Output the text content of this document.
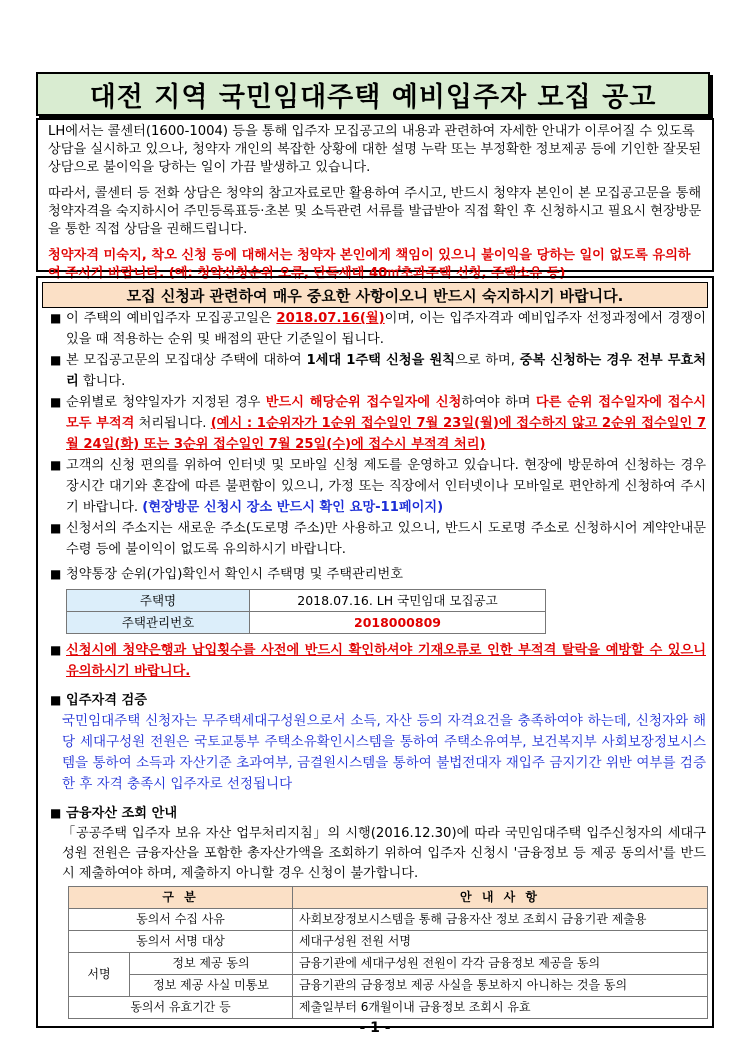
대전 지역 국민임대주택 예비입주자 모집 공고

LH에서는 콜센터(1600-1004) 등을 통해 입주자 모집공고의 내용과 관련하여 자세한 안내가 이루어질 수 있도록 상담을 실시하고 있으나, 청약자 개인의 복잡한 상황에 대한 설명 누락 또는 부정확한 정보제공 등에 기인한 잘못된 상담으로 불이익을 당하는 일이 가끔 발생하고 있습니다.

따라서, 콜센터 등 전화 상담은 청약의 참고자료로만 활용하여 주시고, 반드시 청약자 본인이 본 모집공고문을 통해 청약자격을 숙지하시어 주민등록표등·초본 및 소득관련 서류를 발급받아 직접 확인 후 신청하시고 필요시 현장방문을 통한 직접 상담을 권해드립니다.

청약자격 미숙지, 착오 신청 등에 대해서는 청약자 본인에게 책임이 있으니 불이익을 당하는 일이 없도록 유의하여 주시기 바랍니다. (예: 청약신청순위 오류, 단독세대 40㎡초과주택 신청, 주택소유 등)

모집 신청과 관련하여 매우 중요한 사항이오니 반드시 숙지하시기 바랍니다.
■ 이 주택의 예비입주자 모집공고일은 2018.07.16(월)이며, 이는 입주자격과 예비입주자 선정과정에서 경쟁이 있을 때 적용하는 순위 및 배점의 판단 기준일이 됩니다.
■ 본 모집공고문의 모집대상 주택에 대하여 1세대 1주택 신청을 원칙으로 하며, 중복 신청하는 경우 전부 무효처리 합니다.
■ 순위별로 청약일자가 지정된 경우 반드시 해당순위 접수일자에 신청하여야 하며 다른 순위 접수일자에 접수시 모두 부적격 처리됩니다. (예시 : 1순위자가 1순위 접수일인 7월 23일(월)에 접수하지 않고 2순위 접수일인 7월 24일(화) 또는 3순위 접수일인 7월 25일(수)에 접수시 부적격 처리)
■ 고객의 신청 편의를 위하여 인터넷 및 모바일 신청 제도를 운영하고 있습니다. 현장에 방문하여 신청하는 경우 장시간 대기와 혼잡에 따른 불편함이 있으니, 가정 또는 직장에서 인터넷이나 모바일로 편안하게 신청하여 주시기 바랍니다. (현장방문 신청시 장소 반드시 확인 요망-11페이지)
■ 신청서의 주소지는 새로운 주소(도로명 주소)만 사용하고 있으니, 반드시 도로명 주소로 신청하시어 계약안내문 수령 등에 불이익이 없도록 유의하시기 바랍니다.
■ 청약통장 순위(가입)확인서 확인시 주택명 및 주택관리번호
주택명	2018.07.16. LH 국민임대 모집공고
주택관리번호	2018000809
■ 신청시에 청약은행과 납입횟수를 사전에 반드시 확인하셔야 기재오류로 인한 부적격 탈락을 예방할 수 있으니 유의하시기 바랍니다.
■ 입주자격 검증
국민임대주택 신청자는 무주택세대구성원으로서 소득, 자산 등의 자격요건을 충족하여야 하는데, 신청자와 해당 세대구성원 전원은 국토교통부 주택소유확인시스템을 통하여 주택소유여부, 보건복지부 사회보장정보시스템을 통하여 소득과 자산기준 초과여부, 금결원시스템을 통하여 불법전대자 재입주 금지기간 위반 여부를 검증한 후 자격 충족시 입주자로 선정됩니다
■ 금융자산 조회 안내
「공공주택 입주자 보유 자산 업무처리지침」의 시행(2016.12.30)에 따라 국민임대주택 입주신청자의 세대구성원 전원은 금융자산을 포함한 총자산가액을 조회하기 위하여 입주자 신청시 '금융정보 등 제공 동의서'를 반드시 제출하여야 하며, 제출하지 아니할 경우 신청이 불가합니다.
구 분		안 내 사 항
동의서 수집 사유		사회보장정보시스템을 통해 금융자산 정보 조회시 금융기관 제출용
동의서 서명 대상		세대구성원 전원 서명
서명	정보 제공 동의	금융기관에 세대구성원 전원이 각각 금융정보 제공을 동의
	정보 제공 사실 미통보	금융기관의 금융정보 제공 사실을 통보하지 아니하는 것을 동의
동의서 유효기간 등		제출일부터 6개월이내 금융정보 조회시 유효
- 1 -
